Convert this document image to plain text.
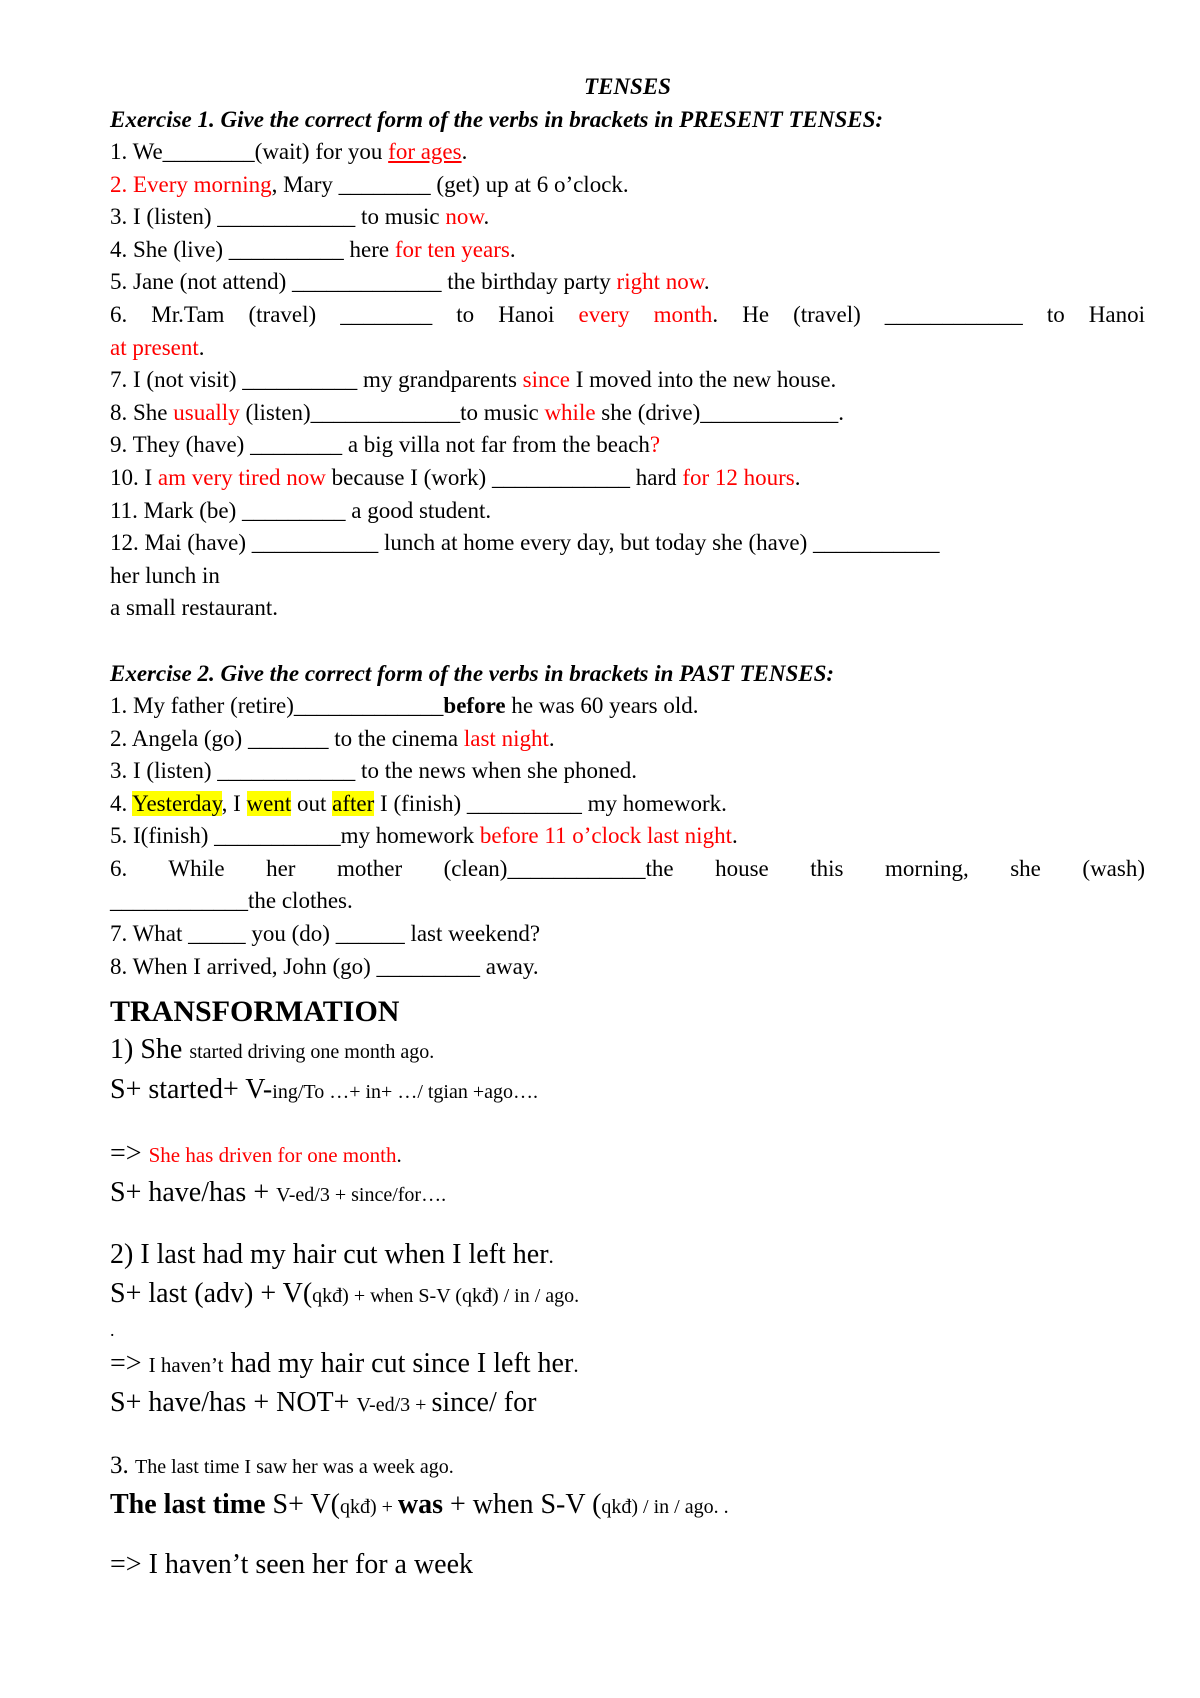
TENSES
Exercise 1. Give the correct form of the verbs in brackets in PRESENT TENSES:
1. We________(wait) for you for ages.
2. Every morning, Mary ________ (get) up at 6 o’clock.
3. I (listen) ____________ to music now.
4. She (live) __________ here for ten years.
5. Jane (not attend) _____________ the birthday party right now.
6. Mr.Tam (travel) ________ to Hanoi every month. He (travel) ____________ to Hanoi
at present.
7. I (not visit) __________ my grandparents since I moved into the new house.
8. She usually (listen)_____________to music while she (drive)____________.
9. They (have) ________ a big villa not far from the beach?
10. I am very tired now because I (work) ____________ hard for 12 hours.
11. Mark (be) _________ a good student.
12. Mai (have) ___________ lunch at home every day, but today she (have) ___________
her lunch in
a small restaurant.
Exercise 2. Give the correct form of the verbs in brackets in PAST TENSES:
1. My father (retire)_____________before he was 60 years old.
2. Angela (go) _______ to the cinema last night.
3. I (listen) ____________ to the news when she phoned.
4. Yesterday, I went out after I (finish) __________ my homework.
5. I(finish) ___________my homework before 11 o’clock last night.
6. While her mother (clean)____________the house this morning, she (wash)
____________the clothes.
7. What _____ you (do) ______ last weekend?
8. When I arrived, John (go) _________ away.
TRANSFORMATION
1) She started driving one month ago.
S+ started+ V-ing/To …+ in+ …/ tgian +ago….
=> She has driven for one month.
S+ have/has + V-ed/3 + since/for….
2) I last had my hair cut when I left her.
S+ last (adv) + V(qkđ) + when S-V (qkđ) / in / ago.
.
=> I haven’t had my hair cut since I left her.
S+ have/has + NOT+ V-ed/3 + since/ for
3. The last time I saw her was a week ago.
The last time S+ V(qkđ) + was + when S-V (qkđ) / in / ago. .
=> I haven’t seen her for a week
